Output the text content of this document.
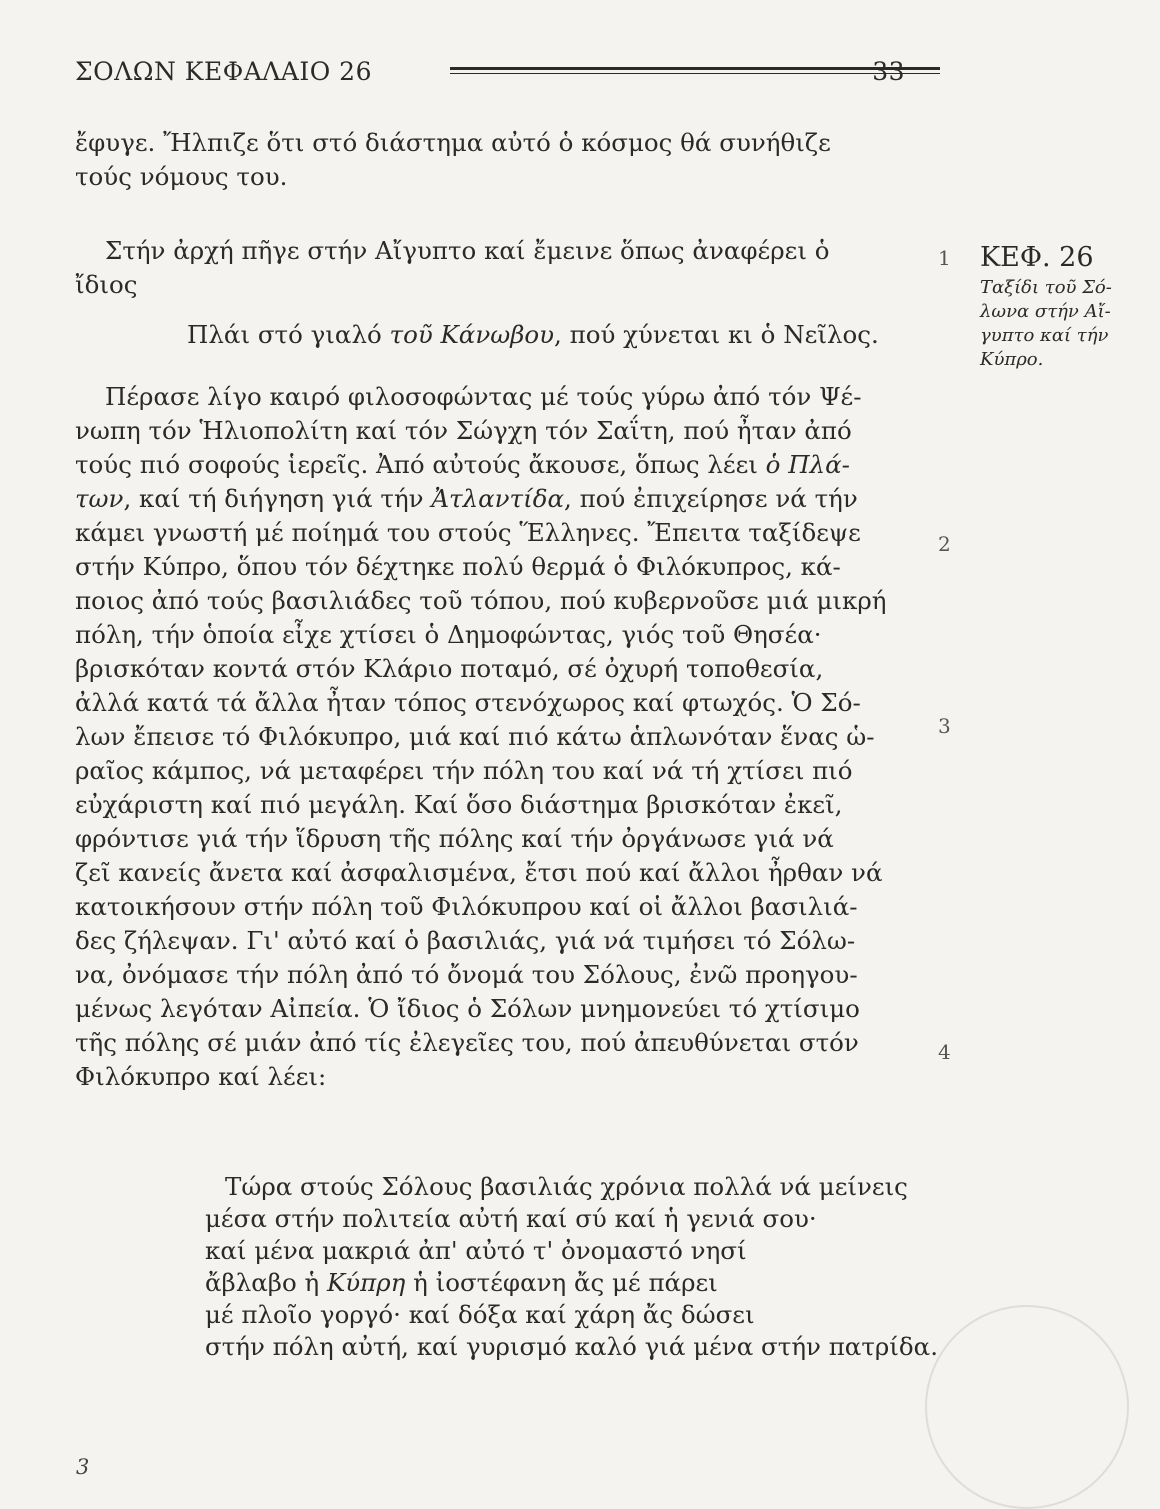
ΣΟΛΩΝ ΚΕΦΑΛΑΙΟ 26	33
ἔφυγε. Ἤλπιζε ὅτι στό διάστημα αὐτό ὁ κόσμος θά συνήθιζε
τούς νόμους του.
Στήν ἀρχή πῆγε στήν Αἴγυπτο καί ἔμεινε ὅπως ἀναφέρει ὁ
ἴδιος
Πλάι στό γιαλό τοῦ Κάνωβου, πού χύνεται κι ὁ Νεῖλος.
Πέρασε λίγο καιρό φιλοσοφώντας μέ τούς γύρω ἀπό τόν Ψέ-
νωπη τόν Ἡλιοπολίτη καί τόν Σώγχη τόν Σαΐτη, πού ἦταν ἀπό
τούς πιό σοφούς ἱερεῖς. Ἀπό αὐτούς ἄκουσε, ὅπως λέει ὁ Πλά-
των, καί τή διήγηση γιά τήν Ἀτλαντίδα, πού ἐπιχείρησε νά τήν
κάμει γνωστή μέ ποίημά του στούς Ἕλληνες. Ἔπειτα ταξίδεψε
στήν Κύπρο, ὅπου τόν δέχτηκε πολύ θερμά ὁ Φιλόκυπρος, κά-
ποιος ἀπό τούς βασιλιάδες τοῦ τόπου, πού κυβερνοῦσε μιά μικρή
πόλη, τήν ὁποία εἶχε χτίσει ὁ Δημοφώντας, γιός τοῦ Θησέα·
βρισκόταν κοντά στόν Κλάριο ποταμό, σέ ὀχυρή τοποθεσία,
ἀλλά κατά τά ἄλλα ἦταν τόπος στενόχωρος καί φτωχός. Ὁ Σό-
λων ἔπεισε τό Φιλόκυπρο, μιά καί πιό κάτω ἁπλωνόταν ἕνας ὡ-
ραῖος κάμπος, νά μεταφέρει τήν πόλη του καί νά τή χτίσει πιό
εὐχάριστη καί πιό μεγάλη. Καί ὅσο διάστημα βρισκόταν ἐκεῖ,
φρόντισε γιά τήν ἵδρυση τῆς πόλης καί τήν ὀργάνωσε γιά νά
ζεῖ κανείς ἄνετα καί ἀσφαλισμένα, ἔτσι πού καί ἄλλοι ἦρθαν νά
κατοικήσουν στήν πόλη τοῦ Φιλόκυπρου καί οἱ ἄλλοι βασιλιά-
δες ζήλεψαν. Γι' αὐτό καί ὁ βασιλιάς, γιά νά τιμήσει τό Σόλω-
να, ὀνόμασε τήν πόλη ἀπό τό ὄνομά του Σόλους, ἐνῶ προηγου-
μένως λεγόταν Αἰπεία. Ὁ ἴδιος ὁ Σόλων μνημονεύει τό χτίσιμο
τῆς πόλης σέ μιάν ἀπό τίς ἐλεγεῖες του, πού ἀπευθύνεται στόν
Φιλόκυπρο καί λέει:
Τώρα στούς Σόλους βασιλιάς χρόνια πολλά νά μείνεις
μέσα στήν πολιτεία αὐτή καί σύ καί ἡ γενιά σου·
καί μένα μακριά ἀπ' αὐτό τ' ὀνομαστό νησί
ἄβλαβο ἡ Κύπρη ἡ ἰοστέφανη ἄς μέ πάρει
μέ πλοῖο γοργό· καί δόξα καί χάρη ἄς δώσει
στήν πόλη αὐτή, καί γυρισμό καλό γιά μένα στήν πατρίδα.
1
2
3
4
ΚΕΦ. 26
Ταξίδι τοῦ Σό-
λωνα στήν Αἴ-
γυπτο καί τήν
Κύπρο.
3
